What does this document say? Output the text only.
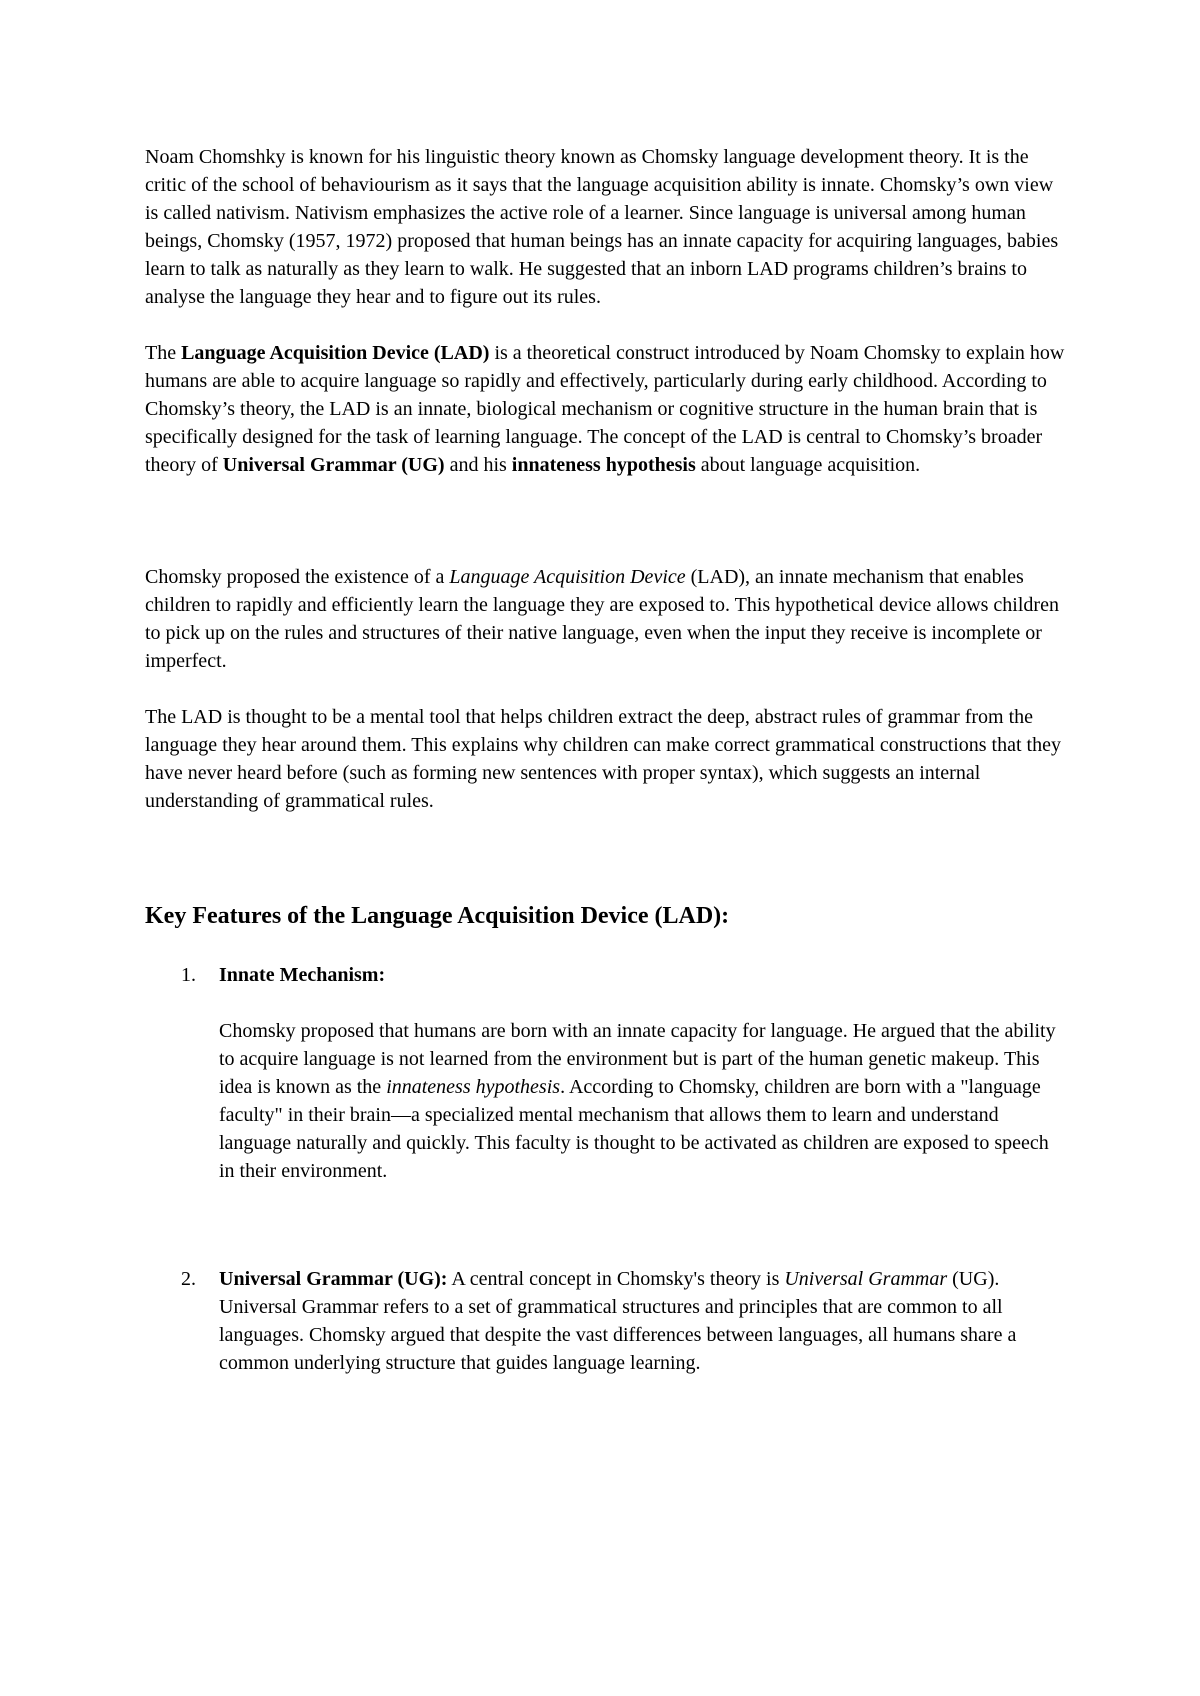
Noam Chomshky is known for his linguistic theory known as Chomsky language development theory. It is the critic of the school of behaviourism as it says that the language acquisition ability is innate. Chomsky’s own view is called nativism. Nativism emphasizes the active role of a learner. Since language is universal among human beings, Chomsky (1957, 1972) proposed that human beings has an innate capacity for acquiring languages, babies learn to talk as naturally as they learn to walk. He suggested that an inborn LAD programs children’s brains to analyse the language they hear and to figure out its rules.

The Language Acquisition Device (LAD) is a theoretical construct introduced by Noam Chomsky to explain how humans are able to acquire language so rapidly and effectively, particularly during early childhood. According to Chomsky’s theory, the LAD is an innate, biological mechanism or cognitive structure in the human brain that is specifically designed for the task of learning language. The concept of the LAD is central to Chomsky’s broader theory of Universal Grammar (UG) and his innateness hypothesis about language acquisition.

Chomsky proposed the existence of a Language Acquisition Device (LAD), an innate mechanism that enables children to rapidly and efficiently learn the language they are exposed to. This hypothetical device allows children to pick up on the rules and structures of their native language, even when the input they receive is incomplete or imperfect.

The LAD is thought to be a mental tool that helps children extract the deep, abstract rules of grammar from the language they hear around them. This explains why children can make correct grammatical constructions that they have never heard before (such as forming new sentences with proper syntax), which suggests an internal understanding of grammatical rules.

Key Features of the Language Acquisition Device (LAD):
1. Innate Mechanism:

Chomsky proposed that humans are born with an innate capacity for language. He argued that the ability to acquire language is not learned from the environment but is part of the human genetic makeup. This idea is known as the innateness hypothesis. According to Chomsky, children are born with a "language faculty" in their brain—a specialized mental mechanism that allows them to learn and understand language naturally and quickly. This faculty is thought to be activated as children are exposed to speech in their environment.

2. Universal Grammar (UG): A central concept in Chomsky's theory is Universal Grammar (UG). Universal Grammar refers to a set of grammatical structures and principles that are common to all languages. Chomsky argued that despite the vast differences between languages, all humans share a common underlying structure that guides language learning.
